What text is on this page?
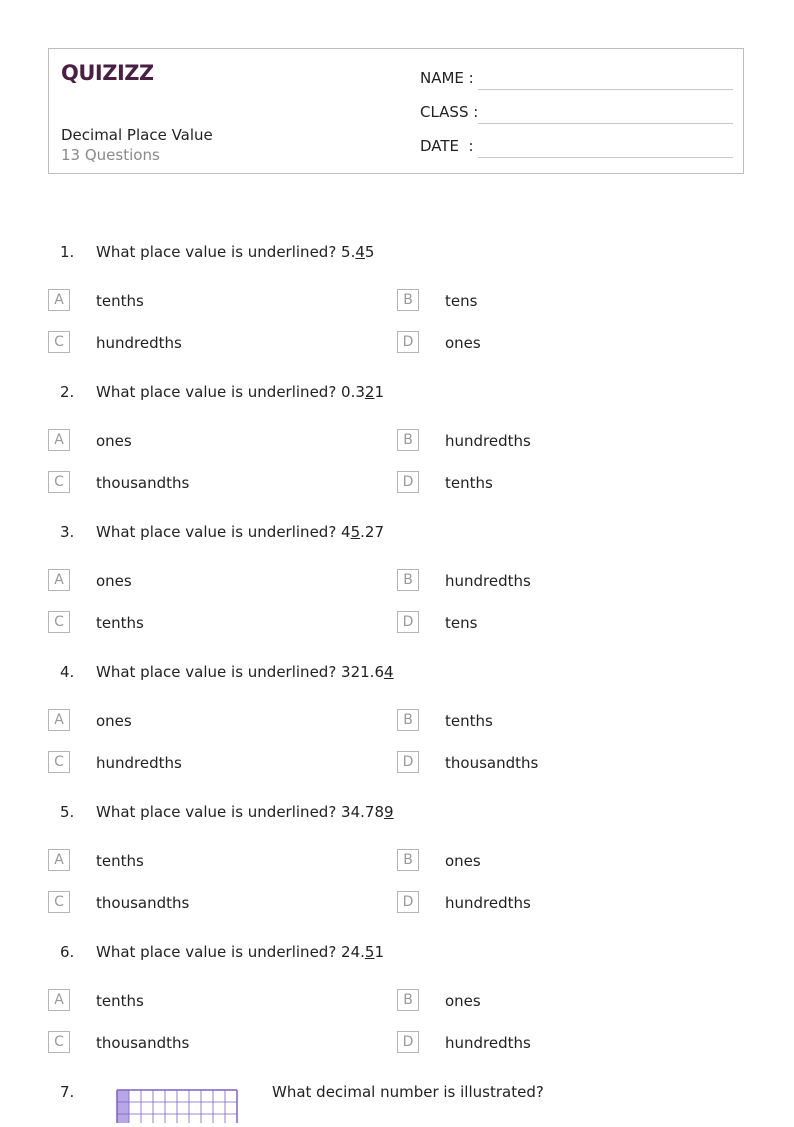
QUIZIZZ
Decimal Place Value
13 Questions
NAME :
CLASS :
DATE  :
1. What place value is underlined? 5.45
A	tenths	B	tens
C	hundredths	D	ones
2. What place value is underlined? 0.321
A	ones	B	hundredths
C	thousandths	D	tenths
3. What place value is underlined? 45.27
A	ones	B	hundredths
C	tenths	D	tens
4. What place value is underlined? 321.64
A	ones	B	tenths
C	hundredths	D	thousandths
5. What place value is underlined? 34.789
A	tenths	B	ones
C	thousandths	D	hundredths
6. What place value is underlined? 24.51
A	tenths	B	ones
C	thousandths	D	hundredths
7.	What decimal number is illustrated?
